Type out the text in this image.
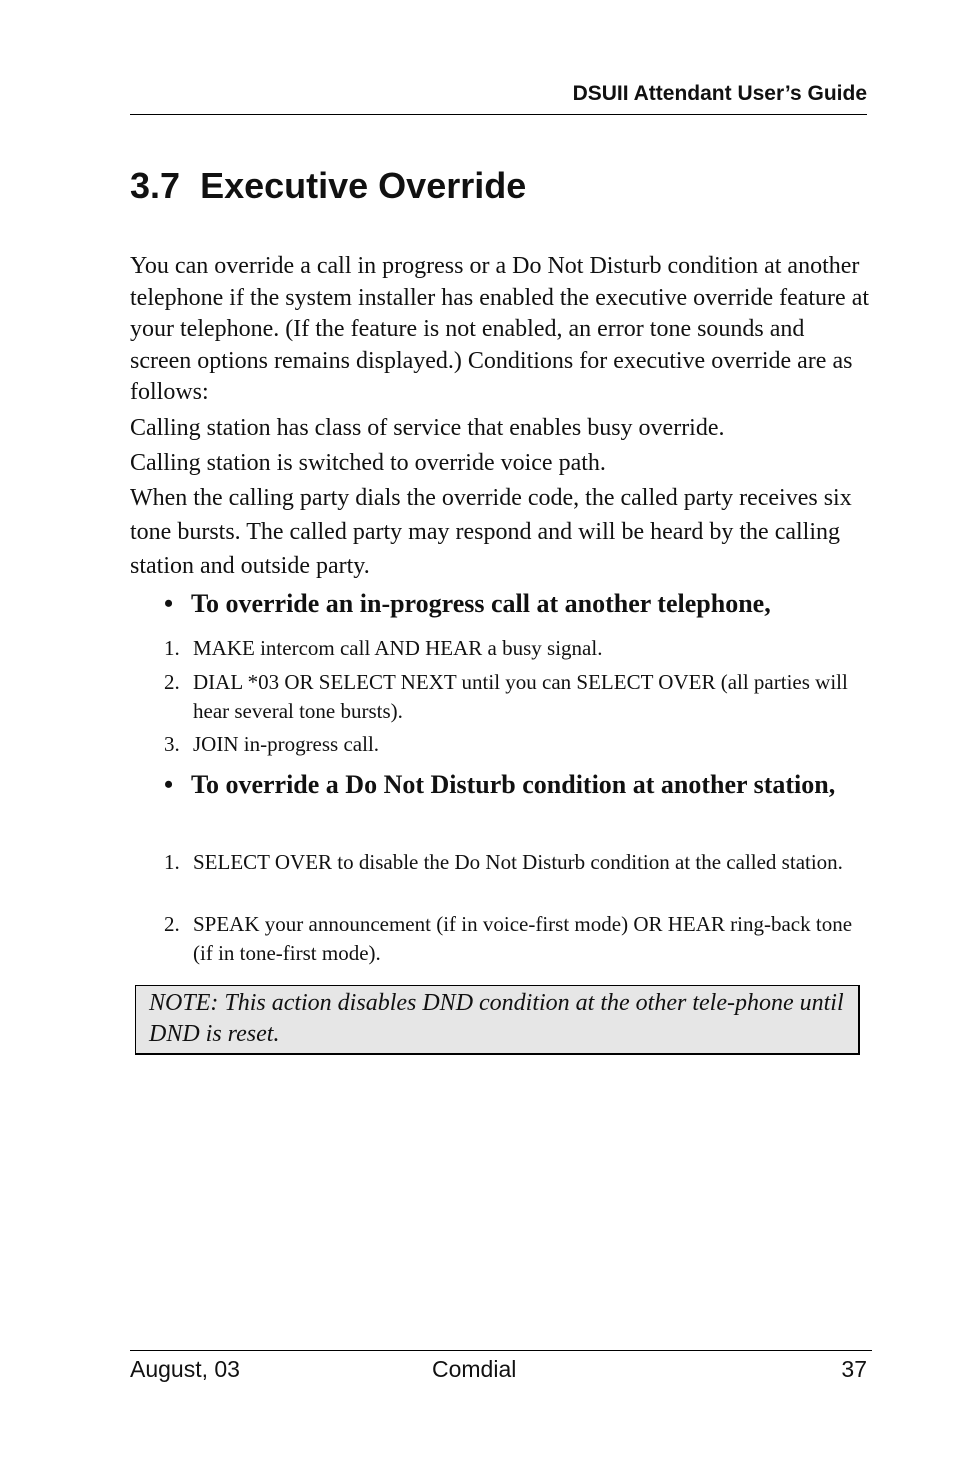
DSUII Attendant User’s Guide
3.7 Executive Override

You can override a call in progress or a Do Not Disturb condition at another telephone if the system installer has enabled the executive override feature at your telephone. (If the feature is not enabled, an error tone sounds and screen options remains displayed.) Conditions for executive override are as follows:

Calling station has class of service that enables busy override.

Calling station is switched to override voice path.

When the calling party dials the override code, the called party receives six tone bursts. The called party may respond and will be heard by the calling station and outside party.

• To override an in-progress call at another telephone,
1. MAKE intercom call AND HEAR a busy signal.
2. DIAL *03 OR SELECT NEXT until you can SELECT OVER (all parties will hear several tone bursts).
3. JOIN in-progress call.
• To override a Do Not Disturb condition at another station,
1. SELECT OVER to disable the Do Not Disturb condition at the called station.
2. SPEAK your announcement (if in voice-first mode) OR HEAR ring-back tone (if in tone-first mode).

NOTE: This action disables DND condition at the other tele-phone until DND is reset.

August, 03	Comdial	37
